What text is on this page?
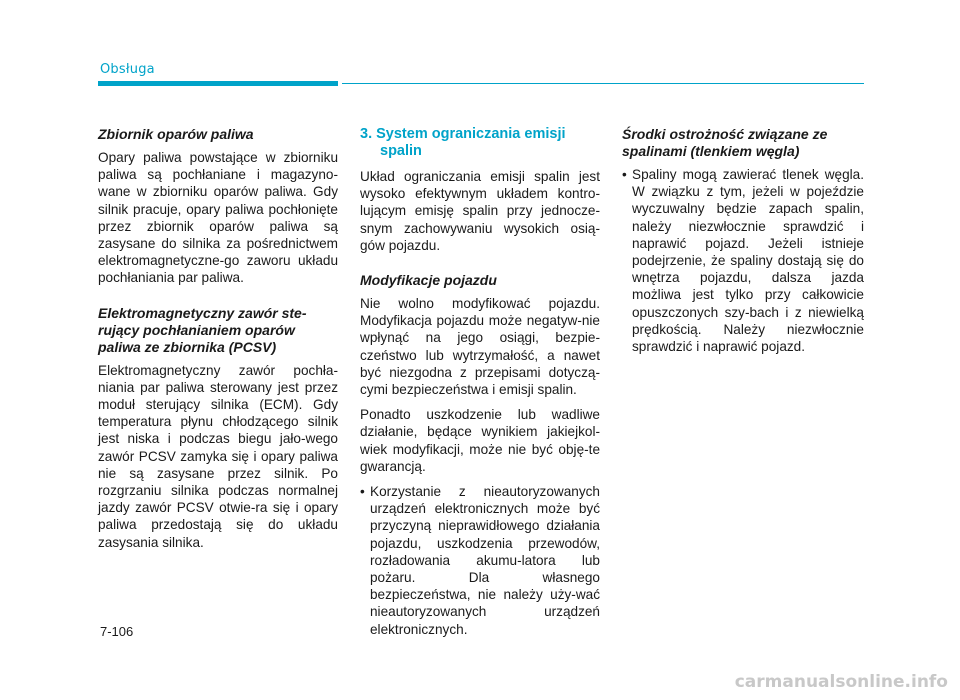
Obsługa
Zbiornik oparów paliwa

Opary paliwa powstające w zbiorniku paliwa są pochłaniane i magazyno-wane w zbiorniku oparów paliwa. Gdy silnik pracuje, opary paliwa pochłonięte przez zbiornik oparów paliwa są zasysane do silnika za pośrednictwem elektromagnetyczne-go zaworu układu pochłaniania par paliwa.

Elektromagnetyczny zawór ste-rujący pochłanianiem oparów paliwa ze zbiornika (PCSV)

Elektromagnetyczny zawór pochła-niania par paliwa sterowany jest przez moduł sterujący silnika (ECM). Gdy temperatura płynu chłodzącego silnik jest niska i podczas biegu jało-wego zawór PCSV zamyka się i opary paliwa nie są zasysane przez silnik. Po rozgrzaniu silnika podczas normalnej jazdy zawór PCSV otwie-ra się i opary paliwa przedostają się do układu zasysania silnika.

3. System ograniczania emisji spalin

Układ ograniczania emisji spalin jest wysoko efektywnym układem kontro-lującym emisję spalin przy jednocze-snym zachowywaniu wysokich osią-gów pojazdu.

Modyfikacje pojazdu

Nie wolno modyfikować pojazdu. Modyfikacja pojazdu może negatyw-nie wpłynąć na jego osiągi, bezpie-czeństwo lub wytrzymałość, a nawet być niezgodna z przepisami dotyczą-cymi bezpieczeństwa i emisji spalin.

Ponadto uszkodzenie lub wadliwe działanie, będące wynikiem jakiejkol-wiek modyfikacji, może nie być obję-te gwarancją.

• Korzystanie z nieautoryzowanych urządzeń elektronicznych może być przyczyną nieprawidłowego działania pojazdu, uszkodzenia przewodów, rozładowania akumu-latora lub pożaru. Dla własnego bezpieczeństwa, nie należy uży-wać nieautoryzowanych urządzeń elektronicznych.
Środki ostrożność związane ze spalinami (tlenkiem węgla)
• Spaliny mogą zawierać tlenek węgla. W związku z tym, jeżeli w pojeździe wyczuwalny będzie zapach spalin, należy niezwłocznie sprawdzić i naprawić pojazd. Jeżeli istnieje podejrzenie, że spaliny dostają się do wnętrza pojazdu, dalsza jazda możliwa jest tylko przy całkowicie opuszczonych szy-bach i z niewielką prędkością. Należy niezwłocznie sprawdzić i naprawić pojazd.
7-106
carmanualsonline.info
